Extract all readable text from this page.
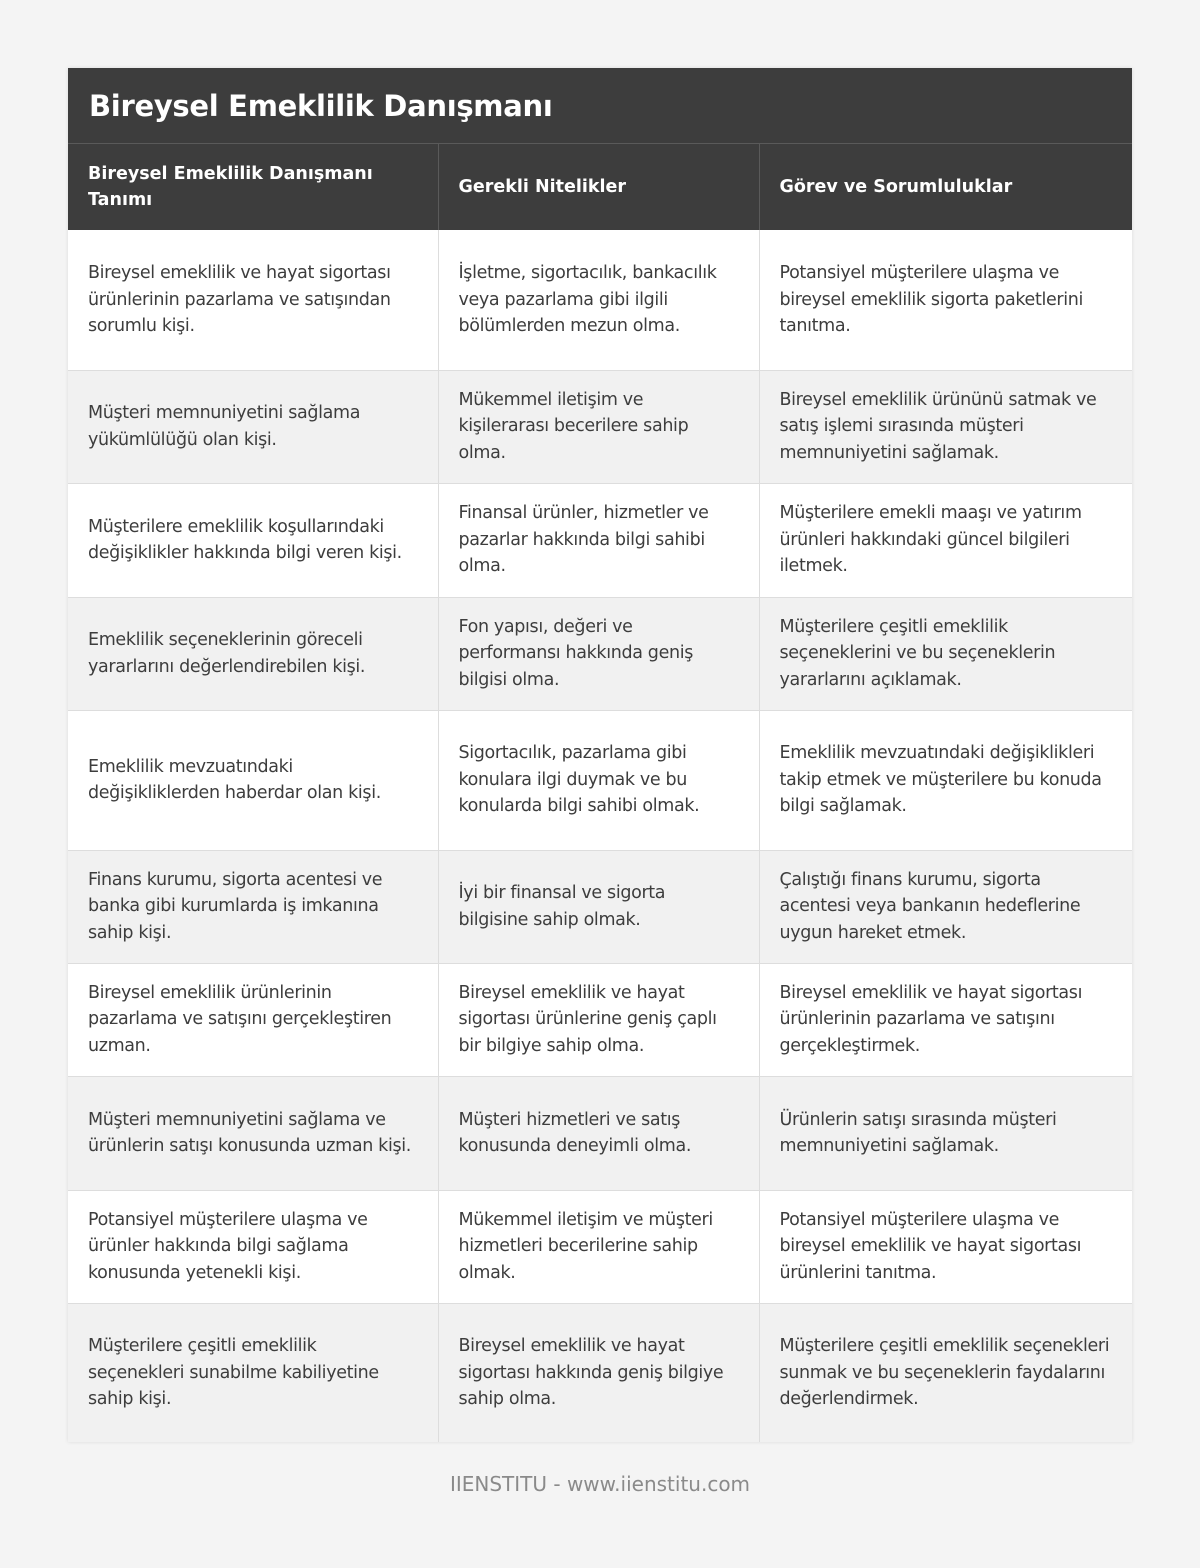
Bireysel Emeklilik Danışmanı
Bireysel Emeklilik Danışmanı Tanımı	Gerekli Nitelikler	Görev ve Sorumluluklar
Bireysel emeklilik ve hayat sigortası ürünlerinin pazarlama ve satışından sorumlu kişi.	İşletme, sigortacılık, bankacılık veya pazarlama gibi ilgili bölümlerden mezun olma.	Potansiyel müşterilere ulaşma ve bireysel emeklilik sigorta paketlerini tanıtma.
Müşteri memnuniyetini sağlama yükümlülüğü olan kişi.	Mükemmel iletişim ve kişilerarası becerilere sahip olma.	Bireysel emeklilik ürününü satmak ve satış işlemi sırasında müşteri memnuniyetini sağlamak.
Müşterilere emeklilik koşullarındaki değişiklikler hakkında bilgi veren kişi.	Finansal ürünler, hizmetler ve pazarlar hakkında bilgi sahibi olma.	Müşterilere emekli maaşı ve yatırım ürünleri hakkındaki güncel bilgileri iletmek.
Emeklilik seçeneklerinin göreceli yararlarını değerlendirebilen kişi.	Fon yapısı, değeri ve performansı hakkında geniş bilgisi olma.	Müşterilere çeşitli emeklilik seçeneklerini ve bu seçeneklerin yararlarını açıklamak.
Emeklilik mevzuatındaki değişikliklerden haberdar olan kişi.	Sigortacılık, pazarlama gibi konulara ilgi duymak ve bu konularda bilgi sahibi olmak.	Emeklilik mevzuatındaki değişiklikleri takip etmek ve müşterilere bu konuda bilgi sağlamak.
Finans kurumu, sigorta acentesi ve banka gibi kurumlarda iş imkanına sahip kişi.	İyi bir finansal ve sigorta bilgisine sahip olmak.	Çalıştığı finans kurumu, sigorta acentesi veya bankanın hedeflerine uygun hareket etmek.
Bireysel emeklilik ürünlerinin pazarlama ve satışını gerçekleştiren uzman.	Bireysel emeklilik ve hayat sigortası ürünlerine geniş çaplı bir bilgiye sahip olma.	Bireysel emeklilik ve hayat sigortası ürünlerinin pazarlama ve satışını gerçekleştirmek.
Müşteri memnuniyetini sağlama ve ürünlerin satışı konusunda uzman kişi.	Müşteri hizmetleri ve satış konusunda deneyimli olma.	Ürünlerin satışı sırasında müşteri memnuniyetini sağlamak.
Potansiyel müşterilere ulaşma ve ürünler hakkında bilgi sağlama konusunda yetenekli kişi.	Mükemmel iletişim ve müşteri hizmetleri becerilerine sahip olmak.	Potansiyel müşterilere ulaşma ve bireysel emeklilik ve hayat sigortası ürünlerini tanıtma.
Müşterilere çeşitli emeklilik seçenekleri sunabilme kabiliyetine sahip kişi.	Bireysel emeklilik ve hayat sigortası hakkında geniş bilgiye sahip olma.	Müşterilere çeşitli emeklilik seçenekleri sunmak ve bu seçeneklerin faydalarını değerlendirmek.
IIENSTITU - www.iienstitu.com
